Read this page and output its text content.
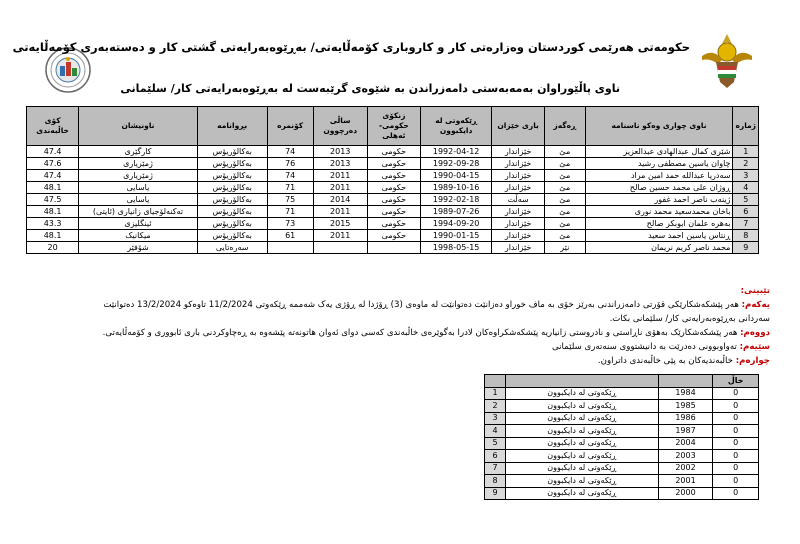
حکومەتی هەرێمی کوردستان وەزارەتی کار و کاروباری کۆمەڵایەتی/ بەڕێوەبەرایەتی گشتی کار و دەستەبەری کۆمەڵایەتی
ناوی پاڵێوراوان بەمەبەستی دامەزراندن بە شێوەی گرێبەست لە بەڕێوەبەرایەتی کار/ سلێمانی
ژمارە	ناوی چواری وەکو ناسنامە	ڕەگەز	باری خێزان	ڕێکەوتی لە دایکبوون	زنکۆی حکومی-ئەهلی	ساڵی دەرچوون	کۆنمرە	بڕوانامە	ناونیشان	کۆی خاڵبەندی
1	شێری کمال عبدالهادی عبدالعزیز	مێ	خێزاندار	1992-04-12	حکومی	2013	74	بەکالۆریۆس	کارگێری	47.4
2	چاوان یاسین مصطفی رشید	مێ	خێزاندار	1992-09-28	حکومی	2013	76	بەکالۆریۆس	ژمێریاری	47.6
3	سەدریا عبداللە حمد امین مراد	مێ	خێزاندار	1990-04-15	حکومی	2011	74	بەکالۆریۆس	ژمێریاری	47.4
4	ڕوژان علی محمد حسین صالح	مێ	خێزاندار	1989-10-16	حکومی	2011	71	بەکالۆریۆس	یاسایی	48.1
5	ژینەب ناصر احمد غفور	مێ	سەڵت	1992-02-18	حکومی	2014	75	بەکالۆریۆس	یاسایی	47.5
6	باخان محمدسعید محمد نوری	مێ	خێزاندار	1989-07-26	حکومی	2011	71	بەکالۆریۆس	تەکنەلۆجیای زانیاری (ئایتی)	48.1
7	بەهرە علمان ابوبکر صالح	مێ	خێزاندار	1994-09-20	حکومی	2015	73	بەکالۆریۆس	ئینگلیزی	43.3
8	ڕنتاس یاسین احمد سعید	مێ	خێزاندار	1990-01-15	حکومی	2011	61	بەکالۆریۆس	میکانیک	48.1
9	محمد ناصر کریم نریمان	نێر	خێزاندار	1998-05-15				سەرەتایی	شۆفێر	20

تێبینی:

یەکەم: هەر پێشکەشکارێکی قۆرتی دامەزراندنی بەرێز خۆی بە ماف خوراو دەزانێت دەتوانێت لە ماوەی (3) ڕۆژدا لە ڕۆژی یەک شەممە ڕێکەوتی 11/2/2024 تاوەکو 13/2/2024 دەتوانێت

سەردانی بەڕێوەبەرایەتی کار/ سلێمانی بکات.

دووەم: هەر پێشکەشکارێک بەهۆی ناڕاستی و نادروستی زانیاریە پێشکەشکراوەکان لادرا بەگوێرەی خاڵبەندی کەسی دوای ئەوان هاتونەتە پێشەوە بە ڕەچاوکردنی باری ئابووری و کۆمەڵایەتی.

سێیەم: تەواوبوونی دەدرێت بە دانیشتووی سنەتەری سلێمانی

چوارەم: خاڵبەندیەکان بە پێی خاڵبەندی داتراون.

خاڵ			
0	1984	ڕێکەوتی لە دایکبوون	1
0	1985	ڕێکەوتی لە دایکبوون	2
0	1986	ڕێکەوتی لە دایکبوون	3
0	1987	ڕێکەوتی لە دایکبوون	4
0	2004	ڕێکەوتی لە دایکبوون	5
0	2003	ڕێکەوتی لە دایکبوون	6
0	2002	ڕێکەوتی لە دایکبوون	7
0	2001	ڕێکەوتی لە دایکبوون	8
0	2000	ڕێکەوتی لە دایکبوون	9
